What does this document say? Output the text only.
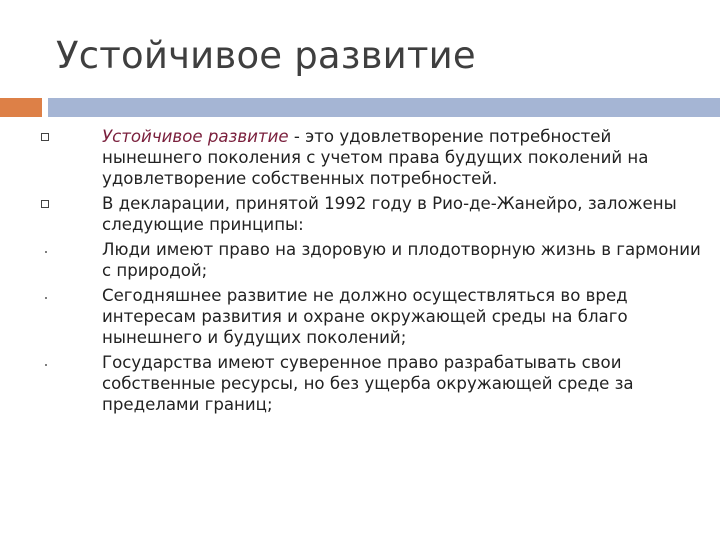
Устойчивое развитие
Устойчивое развитие - это удовлетворение потребностей нынешнего поколения с учетом права будущих поколений на удовлетворение собственных потребностей.
В декларации, принятой 1992 году в Рио-де-Жанейро, заложены следующие принципы:
Люди имеют право на здоровую и плодотворную жизнь в гармонии с природой;
Сегодняшнее развитие не должно осуществляться во вред интересам развития и охране окружающей среды на благо нынешнего и будущих поколений;
Государства имеют суверенное право разрабатывать свои собственные ресурсы, но без ущерба окружающей среде за пределами границ;
